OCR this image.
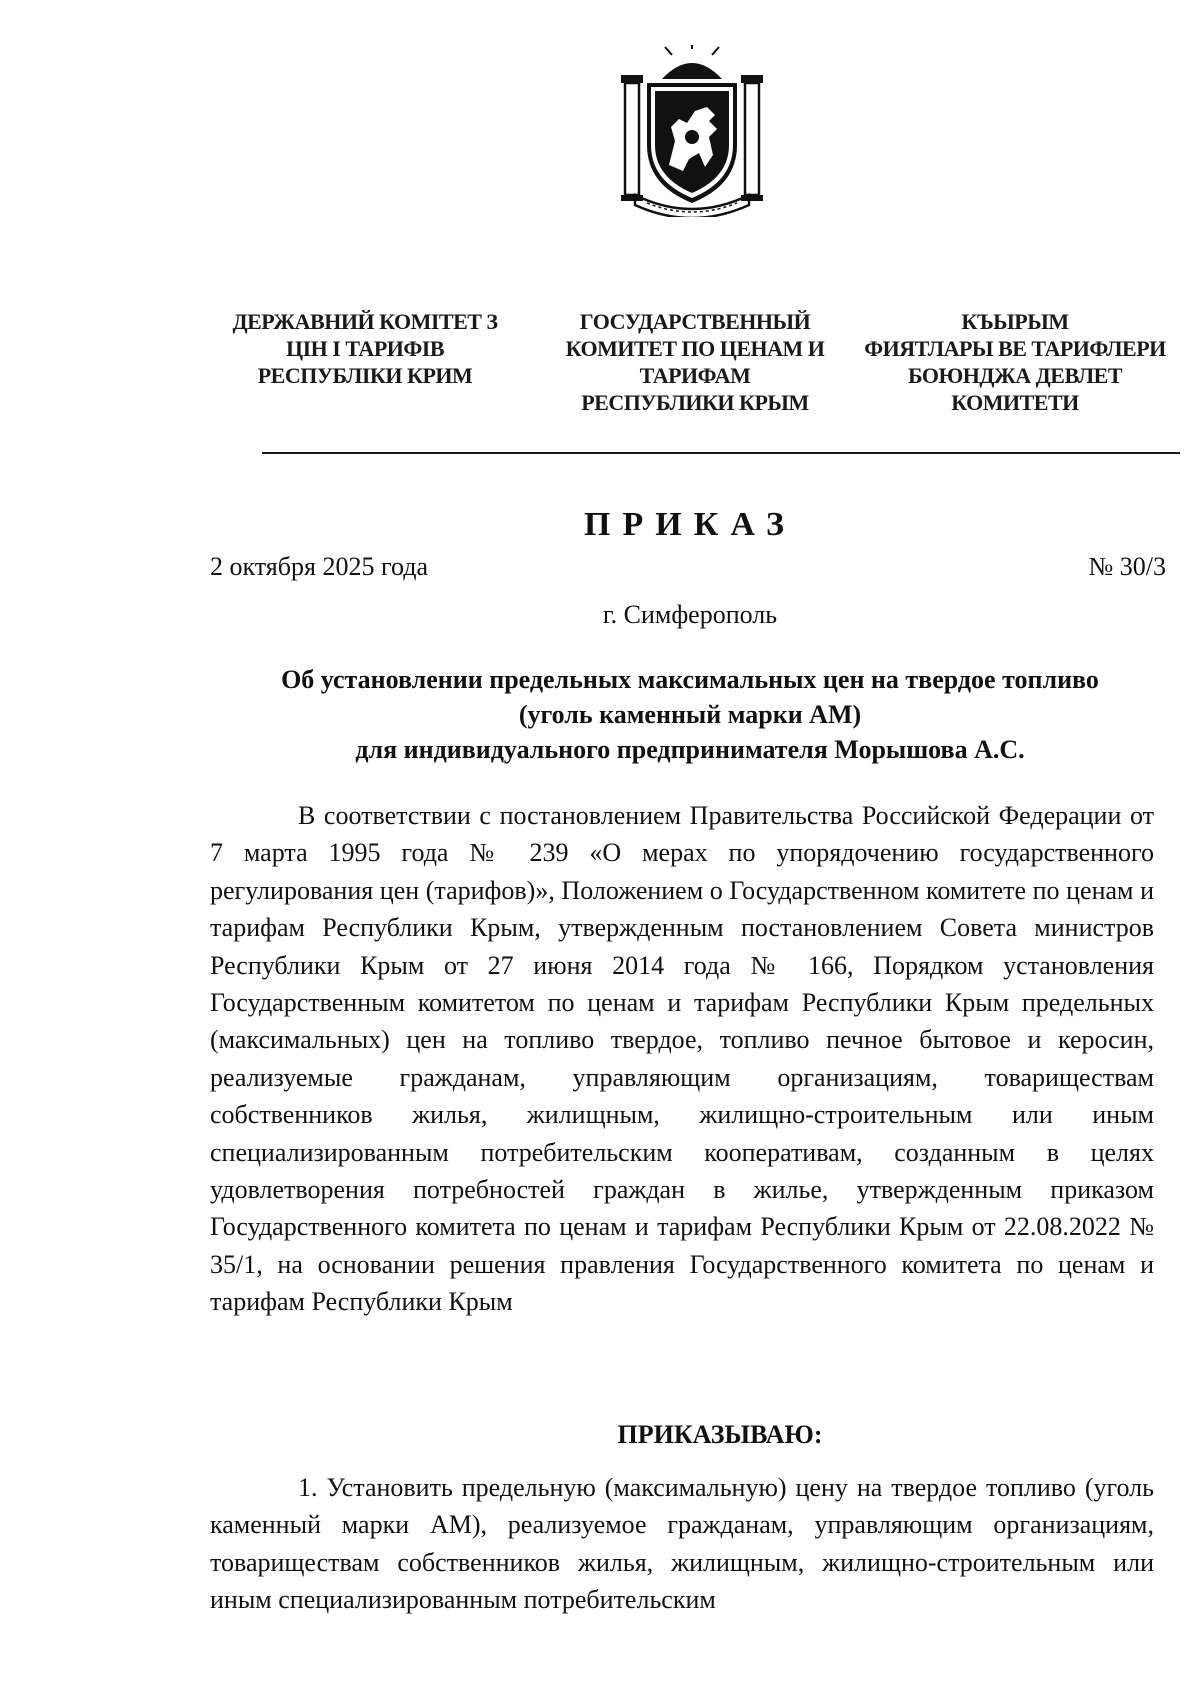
ДЕРЖАВНИЙ КОМІТЕТ З
ЦІН І ТАРИФІВ
РЕСПУБЛІКИ КРИМ
ГОСУДАРСТВЕННЫЙ
КОМИТЕТ ПО ЦЕНАМ И
ТАРИФАМ
РЕСПУБЛИКИ КРЫМ
КЪЫРЫМ
ФИЯТЛАРЫ ВЕ ТАРИФЛЕРИ
БОЮНДЖА ДЕВЛЕТ
КОМИТЕТИ
ПРИКАЗ
2 октября 2025 года	№ 30/3
г. Симферополь
Об установлении предельных максимальных цен на твердое топливо
(уголь каменный марки АМ)
для индивидуального предпринимателя Морышова А.С.
В соответствии с постановлением Правительства Российской Федерации от 7 марта 1995 года № 239 «О мерах по упорядочению государственного регулирования цен (тарифов)», Положением о Государственном комитете по ценам и тарифам Республики Крым, утвержденным постановлением Совета министров Республики Крым от 27 июня 2014 года № 166, Порядком установления Государственным комитетом по ценам и тарифам Республики Крым предельных (максимальных) цен на топливо твердое, топливо печное бытовое и керосин, реализуемые гражданам, управляющим организациям, товариществам собственников жилья, жилищным, жилищно-строительным или иным специализированным потребительским кооперативам, созданным в целях удовлетворения потребностей граждан в жилье, утвержденным приказом Государственного комитета по ценам и тарифам Республики Крым от 22.08.2022 № 35/1, на основании решения правления Государственного комитета по ценам и тарифам Республики Крым
ПРИКАЗЫВАЮ:
1. Установить предельную (максимальную) цену на твердое топливо (уголь каменный марки АМ), реализуемое гражданам, управляющим организациям, товариществам собственников жилья, жилищным, жилищно-строительным или иным специализированным потребительским
